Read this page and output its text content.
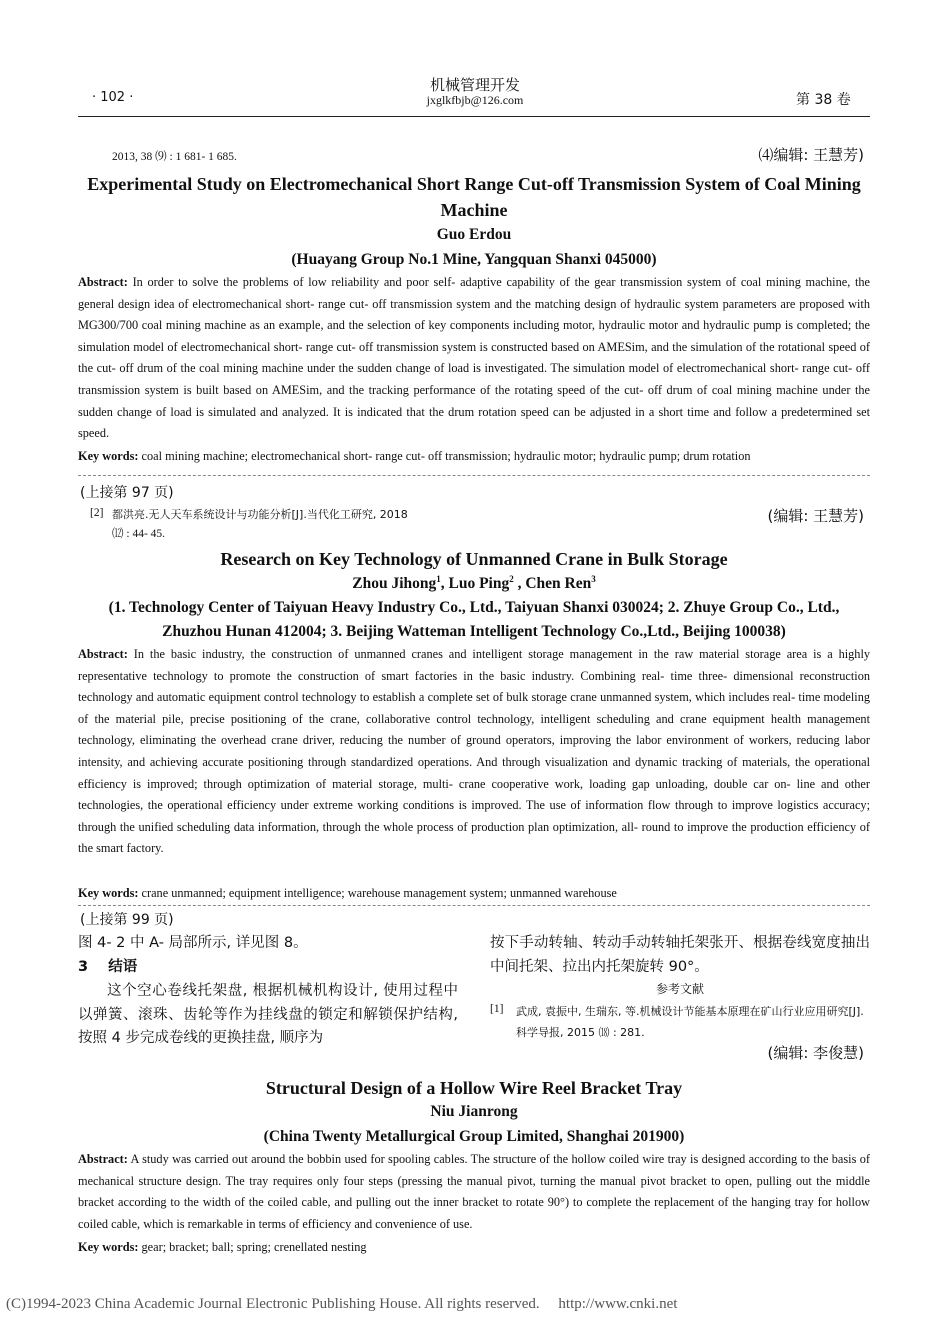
· 102 ·
机械管理开发
jxglkfbjb@126.com	第 38 卷
2013, 38 ⑼ : 1 681- 1 685.	⑷编辑: 王慧芳)
Experimental Study on Electromechanical Short Range Cut-off Transmission System of Coal Mining Machine
Guo Erdou
(Huayang Group No.1 Mine, Yangquan Shanxi 045000)
Abstract: In order to solve the problems of low reliability and poor self- adaptive capability of the gear transmission system of coal mining machine, the general design idea of electromechanical short- range cut- off transmission system and the matching design of hydraulic system parameters are proposed with MG300/700 coal mining machine as an example, and the selection of key components including motor, hydraulic motor and hydraulic pump is completed; the simulation model of electromechanical short- range cut- off transmission system is constructed based on AMESim, and the simulation of the rotational speed of the cut- off drum of the coal mining machine under the sudden change of load is investigated. The simulation model of electromechanical short- range cut- off transmission system is built based on AMESim, and the tracking performance of the rotating speed of the cut- off drum of coal mining machine under the sudden change of load is simulated and analyzed. It is indicated that the drum rotation speed can be adjusted in a short time and follow a predetermined set speed.
Key words: coal mining machine; electromechanical short- range cut- off transmission; hydraulic motor; hydraulic pump; drum rotation
(上接第 97 页)
[2] 都洪亮.无人天车系统设计与功能分析[J].当代化工研究, 2018
⑿ : 44- 45.
(编辑: 王慧芳)
Research on Key Technology of Unmanned Crane in Bulk Storage
Zhou Jihong$^1$, Luo Ping$^2$ , Chen Ren$^3$
(1. Technology Center of Taiyuan Heavy Industry Co., Ltd., Taiyuan Shanxi 030024; 2. Zhuye Group Co., Ltd., Zhuzhou Hunan 412004; 3. Beijing Watteman Intelligent Technology Co.,Ltd., Beijing 100038)
Abstract: In the basic industry, the construction of unmanned cranes and intelligent storage management in the raw material storage area is a highly representative technology to promote the construction of smart factories in the basic industry. Combining real- time three- dimensional reconstruction technology and automatic equipment control technology to establish a complete set of bulk storage crane unmanned system, which includes real- time modeling of the material pile, precise positioning of the crane, collaborative control technology, intelligent scheduling and crane equipment health management technology, eliminating the overhead crane driver, reducing the number of ground operators, improving the labor environment of workers, reducing labor intensity, and achieving accurate positioning through standardized operations. And through visualization and dynamic tracking of materials, the operational efficiency is improved; through optimization of material storage, multi- crane cooperative work, loading gap unloading, double car on- line and other technologies, the operational efficiency under extreme working conditions is improved. The use of information flow through to improve logistics accuracy; through the unified scheduling data information, through the whole process of production plan optimization, all- round to improve the production efficiency of the smart factory.
Key words: crane unmanned; equipment intelligence; warehouse management system; unmanned warehouse
(上接第 99 页)
图 4- 2 中 A- 局部所示, 详见图 8。
3 结语
这个空心卷线托架盘, 根据机械机构设计, 使用过程中以弹簧、滚珠、齿轮等作为挂线盘的锁定和解锁保护结构, 按照 4 步完成卷线的更换挂盘, 顺序为
按下手动转轴、转动手动转轴托架张开、根据卷线宽度抽出中间托架、拉出内托架旋转 90°。
参考文献
[1] 武成, 袁振中, 生瑞东, 等.机械设计节能基本原理在矿山行业应用研究[J].科学导报, 2015 ⒅ : 281.
(编辑: 李俊慧)
Structural Design of a Hollow Wire Reel Bracket Tray
Niu Jianrong
(China Twenty Metallurgical Group Limited, Shanghai 201900)
Abstract: A study was carried out around the bobbin used for spooling cables. The structure of the hollow coiled wire tray is designed according to the basis of mechanical structure design. The tray requires only four steps (pressing the manual pivot, turning the manual pivot bracket to open, pulling out the middle bracket according to the width of the coiled cable, and pulling out the inner bracket to rotate 90°) to complete the replacement of the hanging tray for hollow coiled cable, which is remarkable in terms of efficiency and convenience of use.
Key words: gear; bracket; ball; spring; crenellated nesting
(C)1994-2023 China Academic Journal Electronic Publishing House. All rights reserved. http://www.cnki.net
